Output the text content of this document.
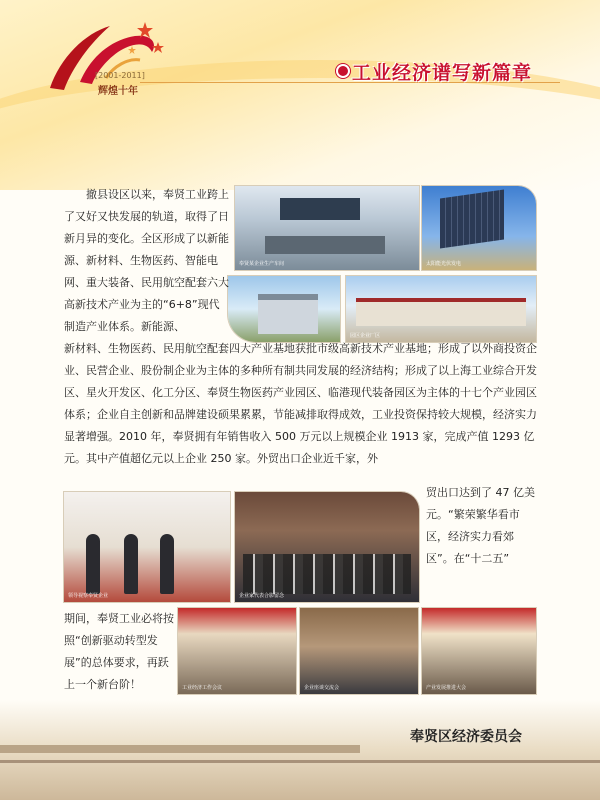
[2001-2011]
辉煌十年
工业经济谱写新篇章
奉贤某企业生产车间	太阳能光伏发电
园区企业厂区

撤县设区以来，奉贤工业跨上了又好又快发展的轨道，取得了日新月异的变化。全区形成了以新能源、新材料、生物医药、智能电网、重大装备、民用航空配套六大高新技术产业为主的“6+8”现代制造产业体系。新能源、

新材料、生物医药、民用航空配套四大产业基地获批市级高新技术产业基地；形成了以外商投资企业、民营企业、股份制企业为主体的多种所有制共同发展的经济结构；形成了以上海工业综合开发区、星火开发区、化工分区、奉贤生物医药产业园区、临港现代装备园区为主体的十七个产业园区体系；企业自主创新和品牌建设硕果累累，节能减排取得成效，工业投资保持较大规模，经济实力显著增强。2010 年，奉贤拥有年销售收入 500 万元以上规模企业 1913 家，完成产值 1293 亿元。其中产值超亿元以上企业 250 家。外贸出口企业近千家，外

领导视察奉贤企业	企业家代表合影留念

贸出口达到了 47 亿美元。“繁荣繁华看市区，经济实力看郊区”。在“十二五”

期间，奉贤工业必将按照“创新驱动转型发展”的总体要求，再跃上一个新台阶！	工业经济工作会议	企业座谈交流会	产业发展推进大会
奉贤区经济委员会
